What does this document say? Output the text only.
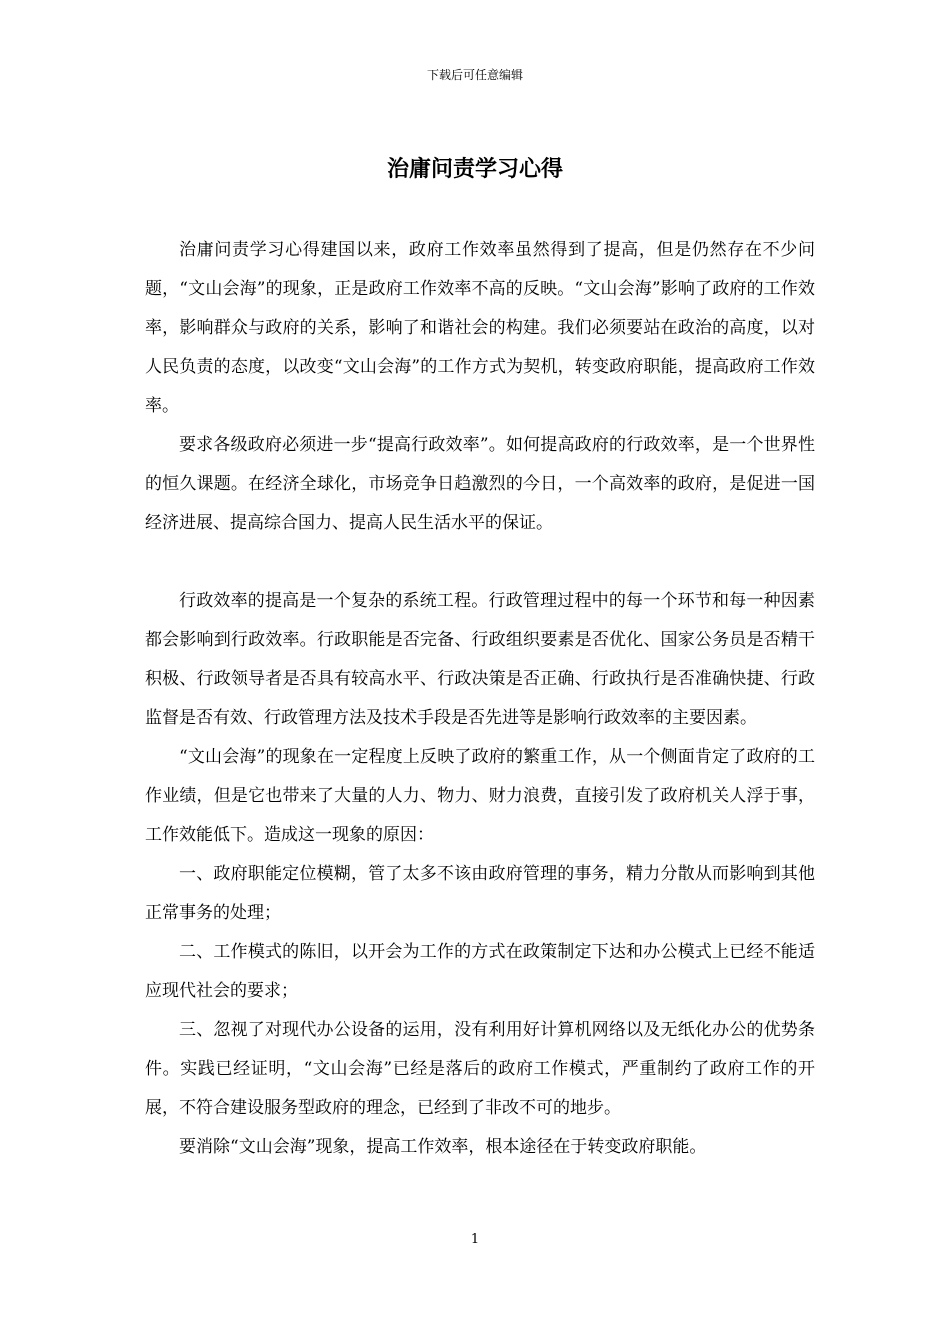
下载后可任意编辑
治庸问责学习心得

治庸问责学习心得建国以来，政府工作效率虽然得到了提高，但是仍然存在不少问题，“文山会海”的现象，正是政府工作效率不高的反映。“文山会海”影响了政府的工作效率，影响群众与政府的关系，影响了和谐社会的构建。我们必须要站在政治的高度，以对人民负责的态度，以改变“文山会海”的工作方式为契机，转变政府职能，提高政府工作效率。

要求各级政府必须进一步“提高行政效率”。如何提高政府的行政效率，是一个世界性的恒久课题。在经济全球化，市场竞争日趋激烈的今日，一个高效率的政府，是促进一国经济进展、提高综合国力、提高人民生活水平的保证。

行政效率的提高是一个复杂的系统工程。行政管理过程中的每一个环节和每一种因素都会影响到行政效率。行政职能是否完备、行政组织要素是否优化、国家公务员是否精干积极、行政领导者是否具有较高水平、行政决策是否正确、行政执行是否准确快捷、行政监督是否有效、行政管理方法及技术手段是否先进等是影响行政效率的主要因素。

“文山会海”的现象在一定程度上反映了政府的繁重工作，从一个侧面肯定了政府的工作业绩，但是它也带来了大量的人力、物力、财力浪费，直接引发了政府机关人浮于事，工作效能低下。造成这一现象的原因：

一、政府职能定位模糊，管了太多不该由政府管理的事务，精力分散从而影响到其他正常事务的处理；

二、工作模式的陈旧，以开会为工作的方式在政策制定下达和办公模式上已经不能适应现代社会的要求；

三、忽视了对现代办公设备的运用，没有利用好计算机网络以及无纸化办公的优势条件。实践已经证明，“文山会海”已经是落后的政府工作模式，严重制约了政府工作的开展，不符合建设服务型政府的理念，已经到了非改不可的地步。

要消除“文山会海”现象，提高工作效率，根本途径在于转变政府职能。

1
